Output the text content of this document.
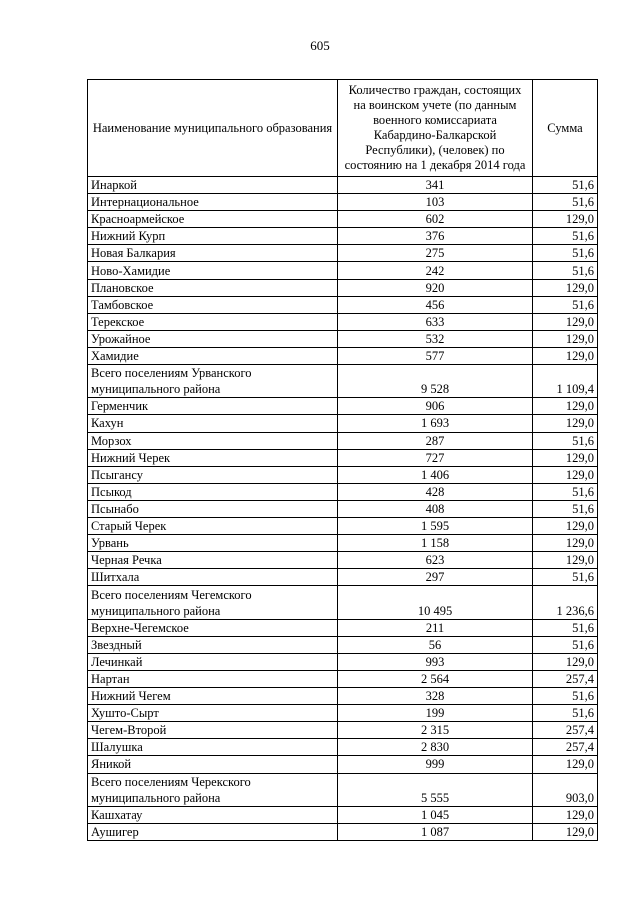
605
Наименование муниципального образования	Количество граждан, состоящих на воинском учете (по данным военного комиссариата Кабардино-Балкарской Республики), (человек) по состоянию на 1 декабря 2014 года	Сумма
Инаркой	341	51,6
Интернациональное	103	51,6
Красноармейское	602	129,0
Нижний Курп	376	51,6
Новая Балкария	275	51,6
Ново-Хамидие	242	51,6
Плановское	920	129,0
Тамбовское	456	51,6
Терекское	633	129,0
Урожайное	532	129,0
Хамидие	577	129,0
Всего поселениям Урванского муниципального района	9 528	1 109,4
Герменчик	906	129,0
Кахун	1 693	129,0
Морзох	287	51,6
Нижний Черек	727	129,0
Псыгансу	1 406	129,0
Псыкод	428	51,6
Псынабо	408	51,6
Старый Черек	1 595	129,0
Урвань	1 158	129,0
Черная Речка	623	129,0
Шитхала	297	51,6
Всего поселениям Чегемского муниципального района	10 495	1 236,6
Верхне-Чегемское	211	51,6
Звездный	56	51,6
Лечинкай	993	129,0
Нартан	2 564	257,4
Нижний Чегем	328	51,6
Хушто-Сырт	199	51,6
Чегем-Второй	2 315	257,4
Шалушка	2 830	257,4
Яникой	999	129,0
Всего поселениям Черекского муниципального района	5 555	903,0
Кашхатау	1 045	129,0
Аушигер	1 087	129,0
